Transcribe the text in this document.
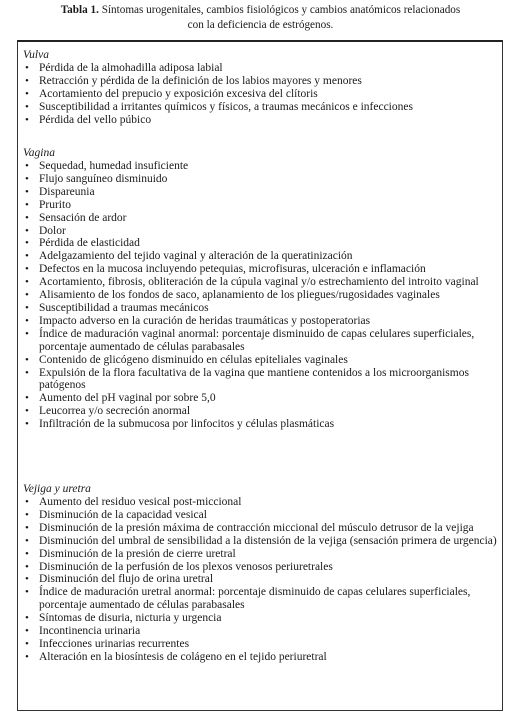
Tabla 1. Síntomas urogenitales, cambios fisiológicos y cambios anatómicos relacionados
con la deficiencia de estrógenos.
Vulva
• Pérdida de la almohadilla adiposa labial
• Retracción y pérdida de la definición de los labios mayores y menores
• Acortamiento del prepucio y exposición excesiva del clítoris
• Susceptibilidad a irritantes químicos y físicos, a traumas mecánicos e infecciones
• Pérdida del vello púbico
Vagina
• Sequedad, humedad insuficiente
• Flujo sanguíneo disminuido
• Dispareunia
• Prurito
• Sensación de ardor
• Dolor
• Pérdida de elasticidad
• Adelgazamiento del tejido vaginal y alteración de la queratinización
• Defectos en la mucosa incluyendo petequias, microfisuras, ulceración e inflamación
• Acortamiento, fibrosis, obliteración de la cúpula vaginal y/o estrechamiento del introito vaginal
• Alisamiento de los fondos de saco, aplanamiento de los pliegues/rugosidades vaginales
• Susceptibilidad a traumas mecánicos
• Impacto adverso en la curación de heridas traumáticas y postoperatorias
• Índice de maduración vaginal anormal: porcentaje disminuido de capas celulares superficiales, porcentaje aumentado de células parabasales
• Contenido de glicógeno disminuido en células epiteliales vaginales
• Expulsión de la flora facultativa de la vagina que mantiene contenidos a los microorganismos patógenos
• Aumento del pH vaginal por sobre 5,0
• Leucorrea y/o secreción anormal
• Infiltración de la submucosa por linfocitos y células plasmáticas
Vejiga y uretra
• Aumento del residuo vesical post-miccional
• Disminución de la capacidad vesical
• Disminución de la presión máxima de contracción miccional del músculo detrusor de la vejiga
• Disminución del umbral de sensibilidad a la distensión de la vejiga (sensación primera de urgencia)
• Disminución de la presión de cierre uretral
• Disminución de la perfusión de los plexos venosos periuretrales
• Disminución del flujo de orina uretral
• Índice de maduración uretral anormal: porcentaje disminuido de capas celulares superficiales, porcentaje aumentado de células parabasales
• Síntomas de disuria, nicturia y urgencia
• Incontinencia urinaria
• Infecciones urinarias recurrentes
• Alteración en la biosíntesis de colágeno en el tejido periuretral
